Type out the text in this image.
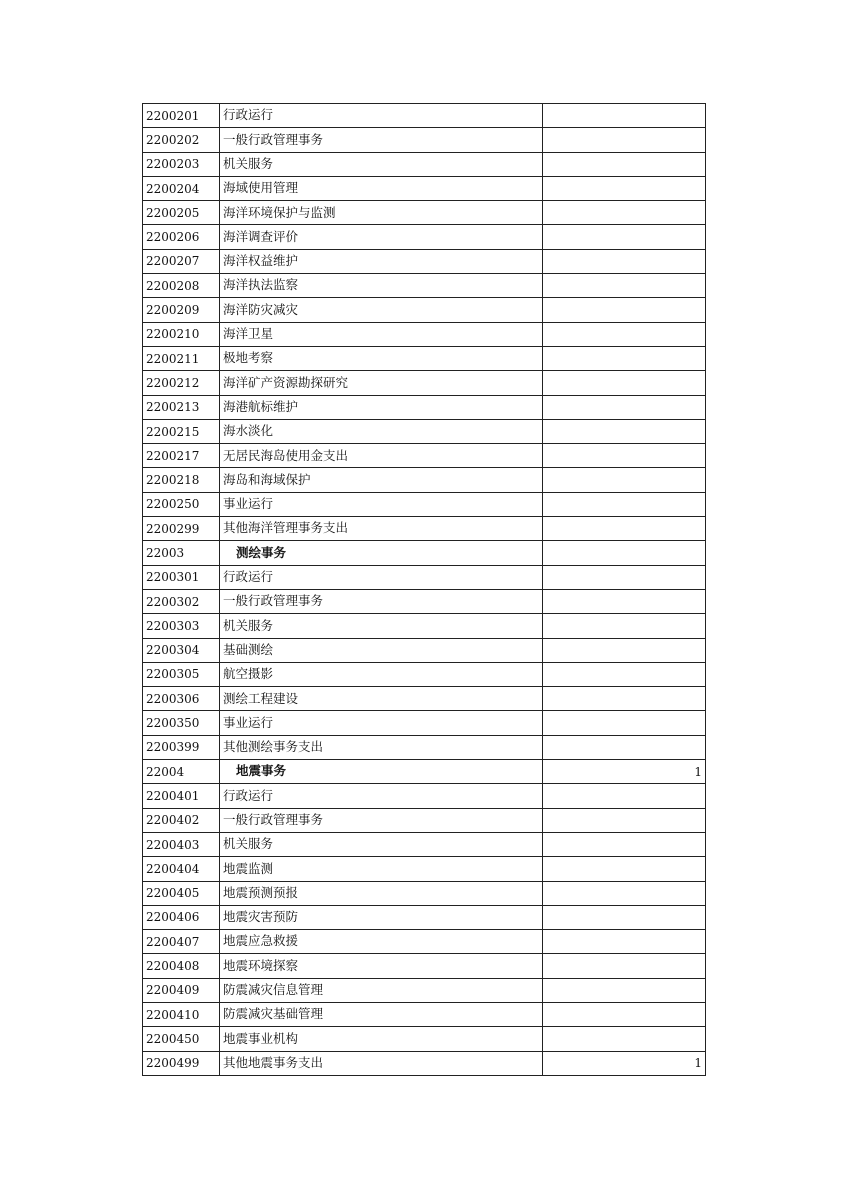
2200201	行政运行	
2200202	一般行政管理事务	
2200203	机关服务	
2200204	海域使用管理	
2200205	海洋环境保护与监测	
2200206	海洋调查评价	
2200207	海洋权益维护	
2200208	海洋执法监察	
2200209	海洋防灾减灾	
2200210	海洋卫星	
2200211	极地考察	
2200212	海洋矿产资源勘探研究	
2200213	海港航标维护	
2200215	海水淡化	
2200217	无居民海岛使用金支出	
2200218	海岛和海域保护	
2200250	事业运行	
2200299	其他海洋管理事务支出	
22003	测绘事务	
2200301	行政运行	
2200302	一般行政管理事务	
2200303	机关服务	
2200304	基础测绘	
2200305	航空摄影	
2200306	测绘工程建设	
2200350	事业运行	
2200399	其他测绘事务支出	
22004	地震事务	1
2200401	行政运行	
2200402	一般行政管理事务	
2200403	机关服务	
2200404	地震监测	
2200405	地震预测预报	
2200406	地震灾害预防	
2200407	地震应急救援	
2200408	地震环境探察	
2200409	防震减灾信息管理	
2200410	防震减灾基础管理	
2200450	地震事业机构	
2200499	其他地震事务支出	1
